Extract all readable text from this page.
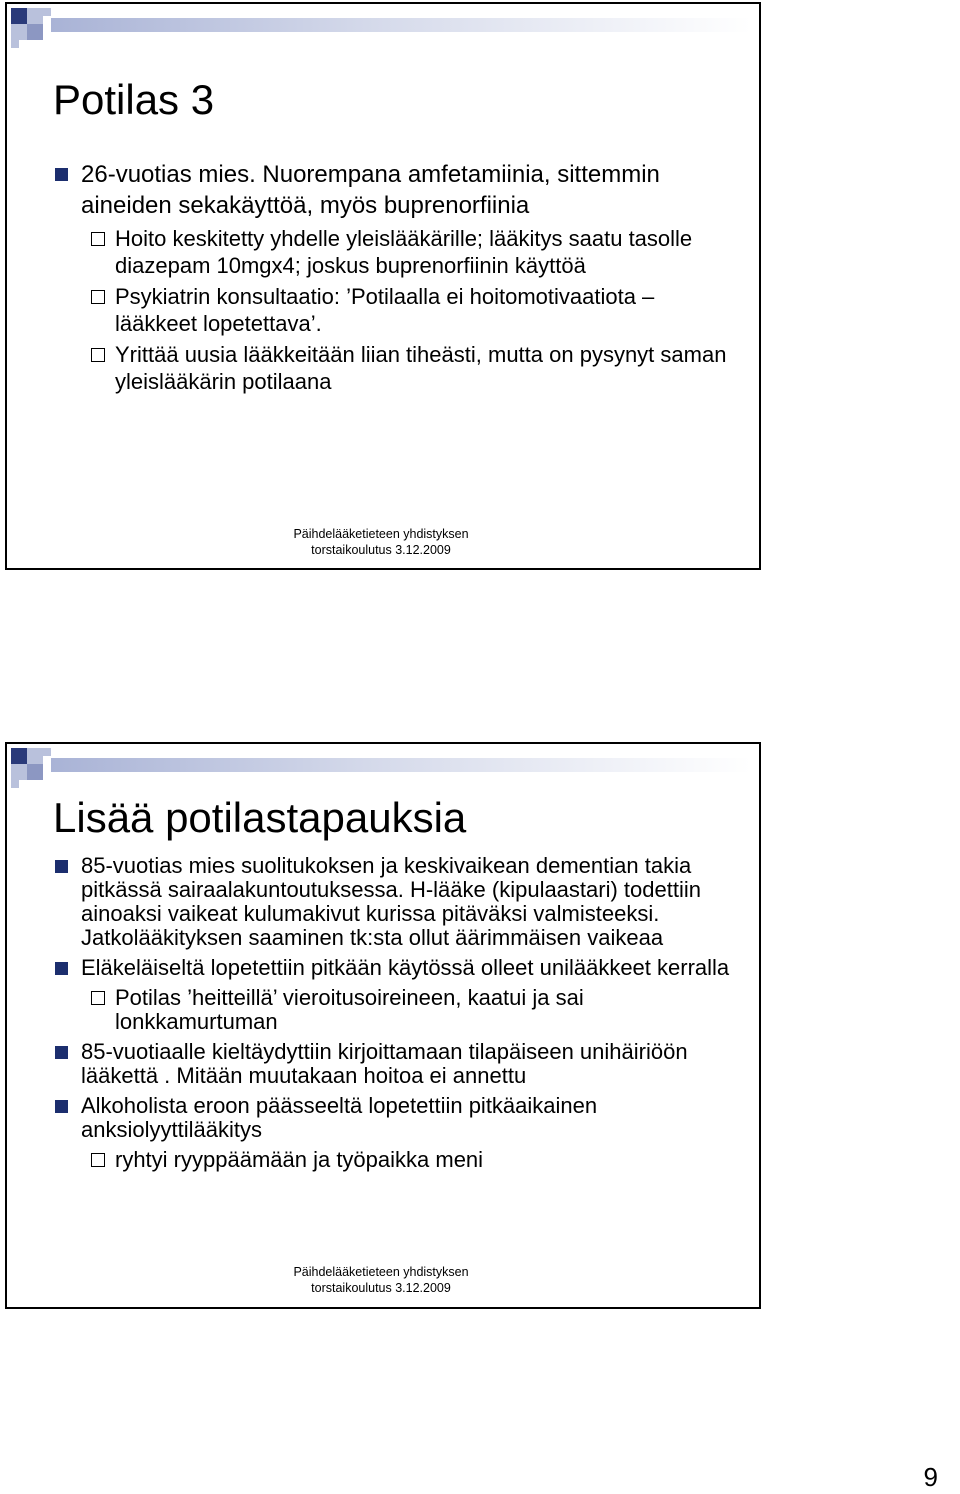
Potilas 3
26-vuotias mies. Nuorempana amfetamiinia, sittemmin aineiden sekakäyttöä, myös buprenorfiinia
Hoito keskitetty yhdelle yleislääkärille; lääkitys saatu tasolle diazepam 10mgx4; joskus buprenorfiinin käyttöä
Psykiatrin konsultaatio: ’Potilaalla ei hoitomotivaatiota – lääkkeet lopetettava’.
Yrittää uusia lääkkeitään liian tiheästi, mutta on pysynyt saman yleislääkärin potilaana
Päihdelääketieteen yhdistyksen
torstaikoulutus 3.12.2009
Lisää potilastapauksia
85-vuotias mies suolitukoksen ja keskivaikean dementian takia pitkässä sairaalakuntoutuksessa. H-lääke (kipulaastari) todettiin ainoaksi vaikeat kulumakivut kurissa pitäväksi valmisteeksi. Jatkolääkityksen saaminen tk:sta ollut äärimmäisen vaikeaa
Eläkeläiseltä lopetettiin pitkään käytössä olleet unilääkkeet kerralla
Potilas ’heitteillä’ vieroitusoireineen, kaatui ja sai lonkkamurtuman
85-vuotiaalle kieltäydyttiin kirjoittamaan tilapäiseen unihäiriöön lääkettä . Mitään muutakaan hoitoa ei annettu
Alkoholista eroon päässeeltä lopetettiin pitkäaikainen anksiolyyttilääkitys
ryhtyi ryyppäämään ja työpaikka meni
Päihdelääketieteen yhdistyksen
torstaikoulutus 3.12.2009
9
